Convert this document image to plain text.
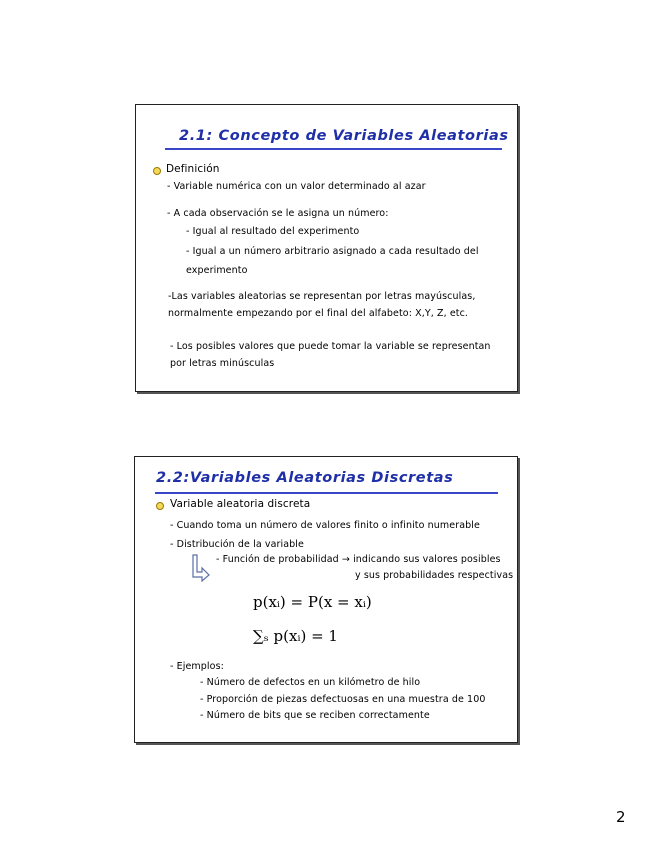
2.1: Concepto de Variables Aleatorias
Definición
- Variable numérica con un valor determinado al azar
- A cada observación se le asigna un número:
- Igual al resultado del experimento
- Igual a un número arbitrario asignado a cada resultado del
experimento
-Las variables aleatorias se representan por letras mayúsculas,
normalmente empezando por el final del alfabeto: X,Y, Z, etc.
- Los posibles valores que puede tomar la variable se representan
por letras minúsculas
2.2:Variables Aleatorias Discretas
Variable aleatoria discreta
- Cuando toma un número de valores finito o infinito numerable
- Distribución de la variable
- Función de probabilidad → indicando sus valores posibles
y sus probabilidades respectivas
p(xᵢ) = P(x = xᵢ)
∑ₛ p(xᵢ) = 1
- Ejemplos:
- Número de defectos en un kilómetro de hilo
- Proporción de piezas defectuosas en una muestra de 100
- Número de bits que se reciben correctamente
2
